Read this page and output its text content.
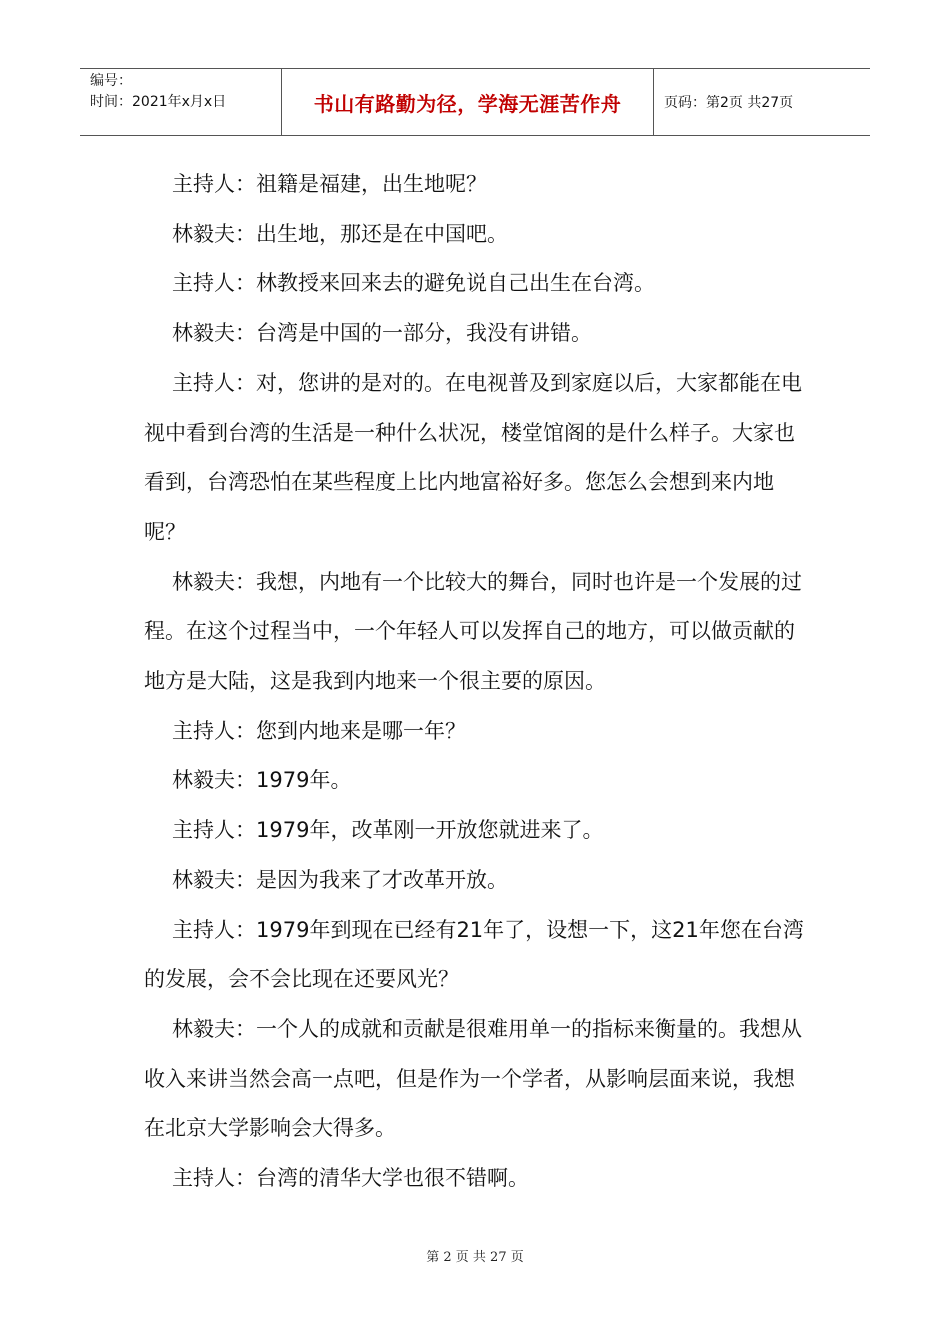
编号：
时间：2021年x月x日	书山有路勤为径，学海无涯苦作舟	页码：第2页 共27页

主持人：祖籍是福建，出生地呢？

林毅夫：出生地，那还是在中国吧。

主持人：林教授来回来去的避免说自己出生在台湾。

林毅夫：台湾是中国的一部分，我没有讲错。

主持人：对，您讲的是对的。在电视普及到家庭以后，大家都能在电视中看到台湾的生活是一种什么状况，楼堂馆阁的是什么样子。大家也看到，台湾恐怕在某些程度上比内地富裕好多。您怎么会想到来内地呢？

林毅夫：我想，内地有一个比较大的舞台，同时也许是一个发展的过程。在这个过程当中，一个年轻人可以发挥自己的地方，可以做贡献的地方是大陆，这是我到内地来一个很主要的原因。

主持人：您到内地来是哪一年？

林毅夫：1979年。

主持人：1979年，改革刚一开放您就进来了。

林毅夫：是因为我来了才改革开放。

主持人：1979年到现在已经有21年了，设想一下，这21年您在台湾的发展，会不会比现在还要风光？

林毅夫：一个人的成就和贡献是很难用单一的指标来衡量的。我想从收入来讲当然会高一点吧，但是作为一个学者，从影响层面来说，我想在北京大学影响会大得多。

主持人：台湾的清华大学也很不错啊。

第 2 页 共 27 页
